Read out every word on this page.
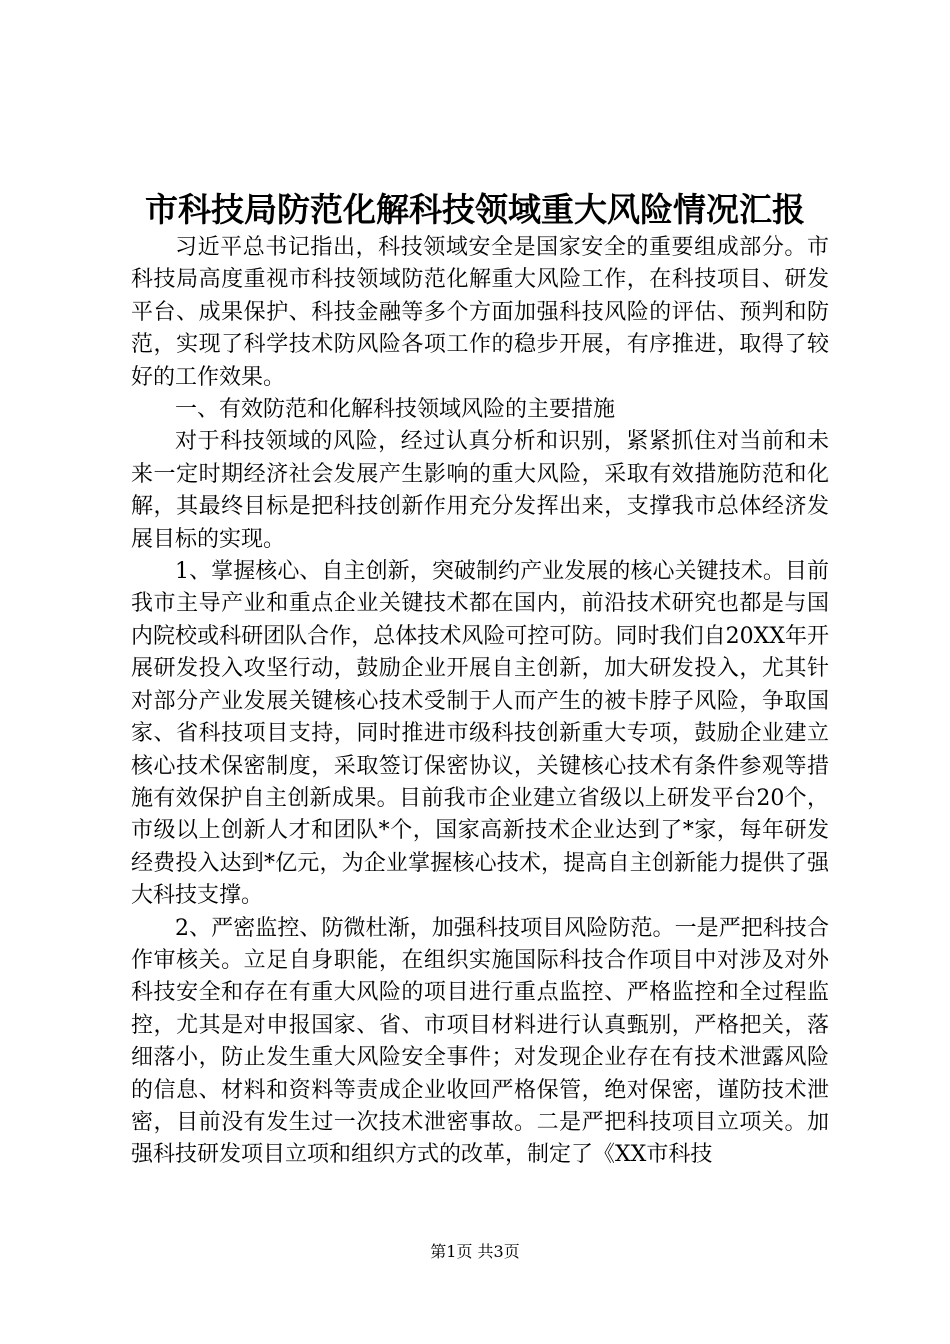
市科技局防范化解科技领域重大风险情况汇报

习近平总书记指出，科技领域安全是国家安全的重要组成部分。市科技局高度重视市科技领域防范化解重大风险工作，在科技项目、研发平台、成果保护、科技金融等多个方面加强科技风险的评估、预判和防范，实现了科学技术防风险各项工作的稳步开展，有序推进，取得了较好的工作效果。

一、有效防范和化解科技领域风险的主要措施

对于科技领域的风险，经过认真分析和识别，紧紧抓住对当前和未来一定时期经济社会发展产生影响的重大风险，采取有效措施防范和化解，其最终目标是把科技创新作用充分发挥出来，支撑我市总体经济发展目标的实现。

1、掌握核心、自主创新，突破制约产业发展的核心关键技术。目前我市主导产业和重点企业关键技术都在国内，前沿技术研究也都是与国内院校或科研团队合作，总体技术风险可控可防。同时我们自20XX年开展研发投入攻坚行动，鼓励企业开展自主创新，加大研发投入，尤其针对部分产业发展关键核心技术受制于人而产生的被卡脖子风险，争取国家、省科技项目支持，同时推进市级科技创新重大专项，鼓励企业建立核心技术保密制度，采取签订保密协议，关键核心技术有条件参观等措施有效保护自主创新成果。目前我市企业建立省级以上研发平台20个，市级以上创新人才和团队*个，国家高新技术企业达到了*家，每年研发经费投入达到*亿元，为企业掌握核心技术，提高自主创新能力提供了强大科技支撑。

2、严密监控、防微杜渐，加强科技项目风险防范。一是严把科技合作审核关。立足自身职能，在组织实施国际科技合作项目中对涉及对外科技安全和存在有重大风险的项目进行重点监控、严格监控和全过程监控，尤其是对申报国家、省、市项目材料进行认真甄别，严格把关，落细落小，防止发生重大风险安全事件；对发现企业存在有技术泄露风险的信息、材料和资料等责成企业收回严格保管，绝对保密，谨防技术泄密，目前没有发生过一次技术泄密事故。二是严把科技项目立项关。加强科技研发项目立项和组织方式的改革，制定了《XX市科技

第1页 共3页
